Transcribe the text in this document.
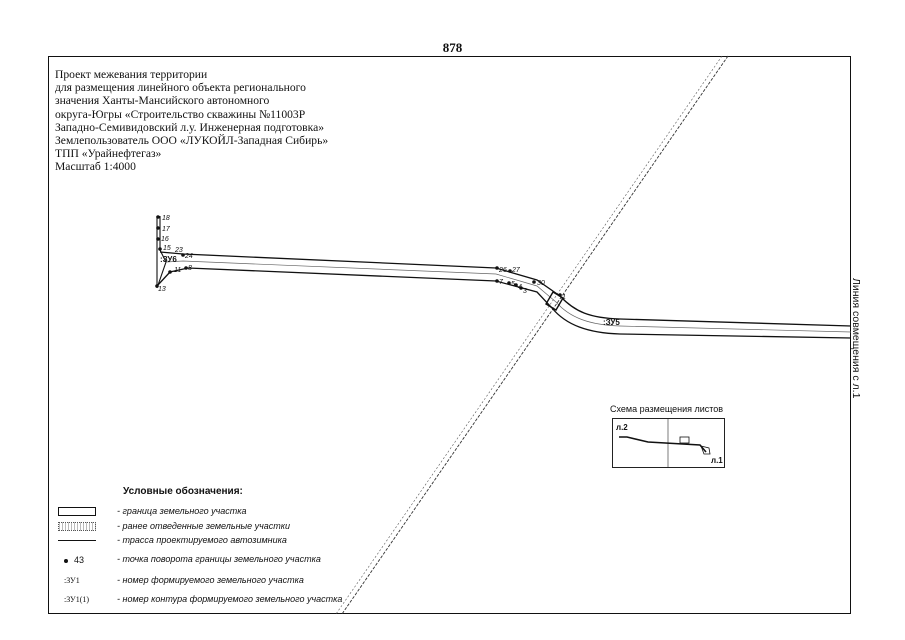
878
Проект межевания территории
для размещения линейного объекта регионального
значения Ханты-Мансийского автономного
округа-Югры «Строительство скважины №11003Р
Западно-Семивидовский л.у. Инженерная подготовка»
Землепользователь ООО «ЛУКОЙЛ-Западная Сибирь»
ТПП «Урайнефтегаз»
Масштаб 1:4000
Линия совмещения с л.1
18
17
16
15 23
24
11 8
13
26 27
7 5 4
3
30
1
:ЗУ6
:ЗУ5
л.2
л.1
Схема размещения листов
Условные обозначения:
- граница земельного участка
- ранее отведенные земельные участки
- трасса проектируемого автозимника
43	- точка поворота границы земельного участка
:ЗУ1	- номер формируемого земельного участка
:ЗУ1(1)	- номер контура формируемого земельного участка
